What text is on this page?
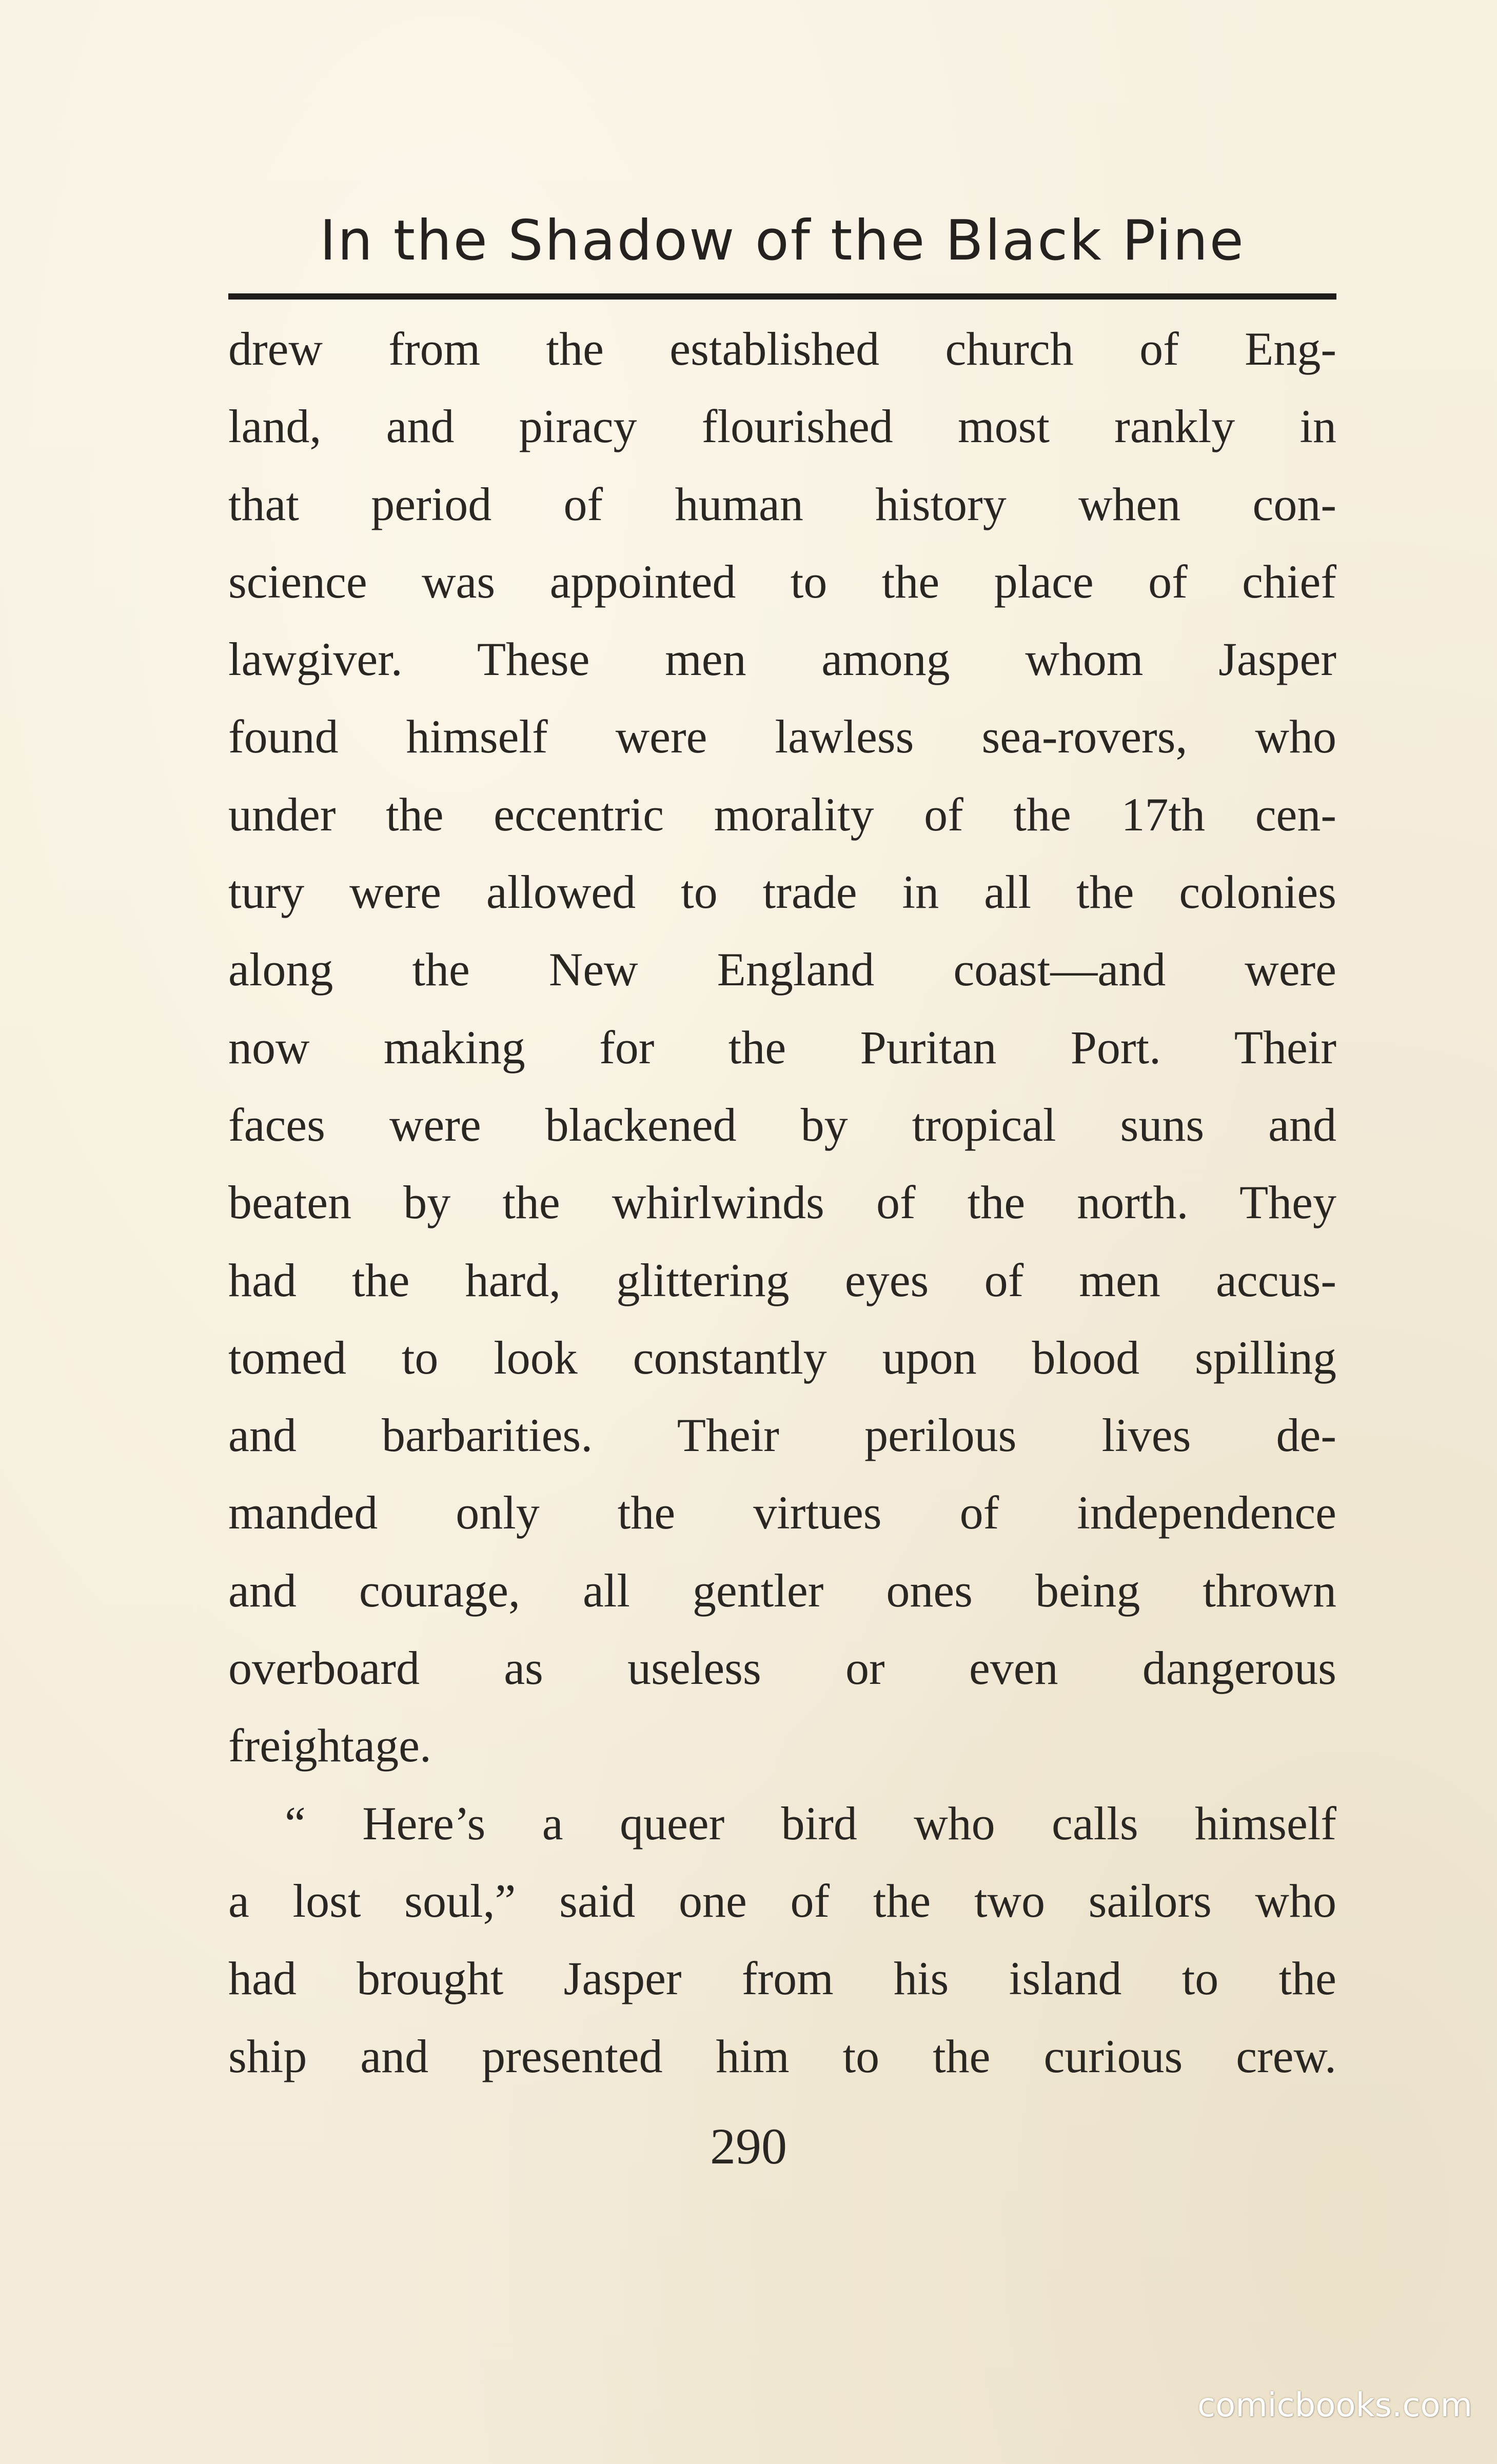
In the Shadow of the Black Pine
drew from the established church of Eng-
land, and piracy flourished most rankly in
that period of human history when con-
science was appointed to the place of chief
lawgiver. These men among whom Jasper
found himself were lawless sea-rovers, who
under the eccentric morality of the 17th cen-
tury were allowed to trade in all the colonies
along the New England coast—and were
now making for the Puritan Port. Their
faces were blackened by tropical suns and
beaten by the whirlwinds of the north. They
had the hard, glittering eyes of men accus-
tomed to look constantly upon blood spilling
and barbarities. Their perilous lives de-
manded only the virtues of independence
and courage, all gentler ones being thrown
overboard as useless or even dangerous
freightage.
“ Here’s a queer bird who calls himself
a lost soul,” said one of the two sailors who
had brought Jasper from his island to the
ship and presented him to the curious crew.
290
comicbooks.com
